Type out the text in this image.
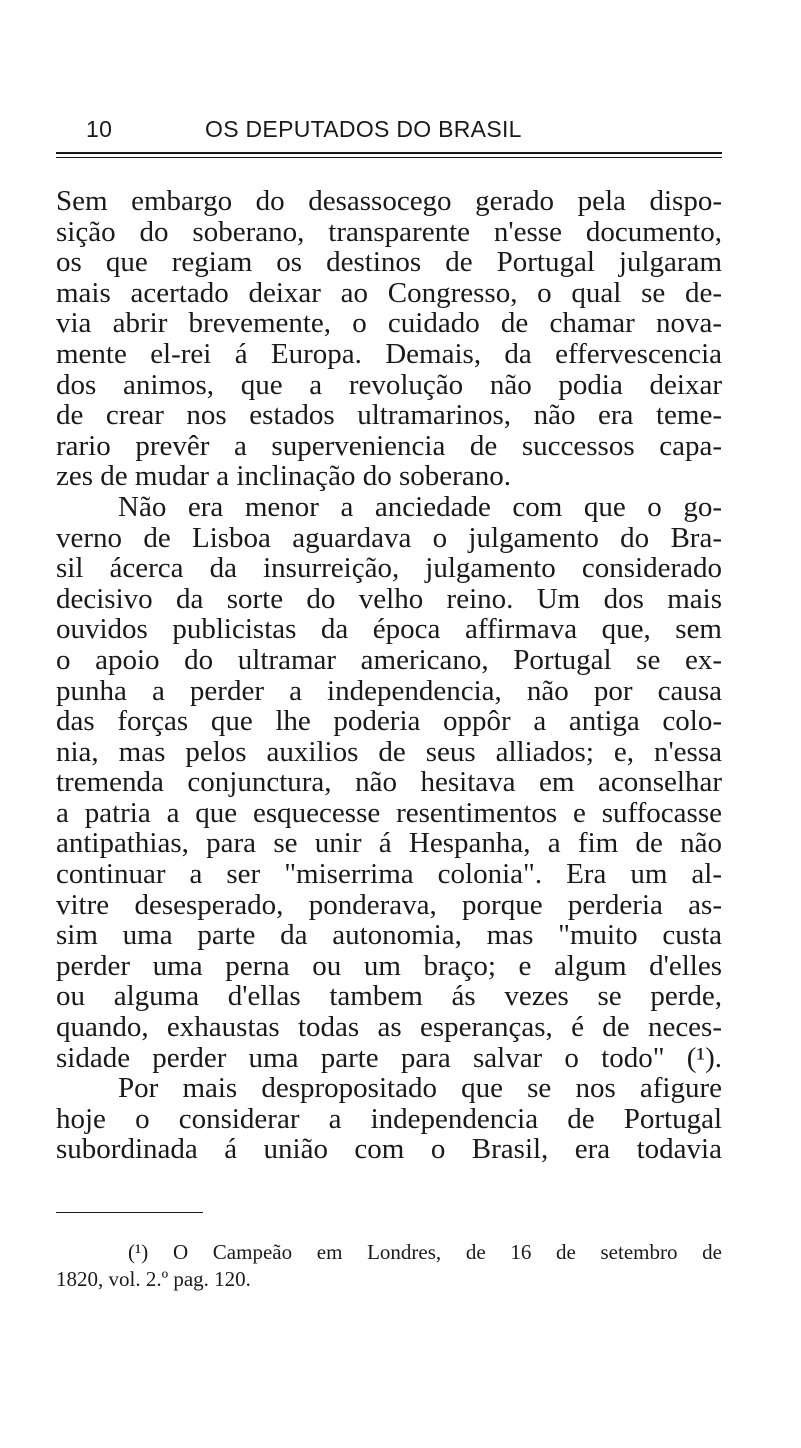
10	OS DEPUTADOS DO BRASIL
Sem embargo do desassocego gerado pela dispo-
sição do soberano, transparente n'esse documento,
os que regiam os destinos de Portugal julgaram
mais acertado deixar ao Congresso, o qual se de-
via abrir brevemente, o cuidado de chamar nova-
mente el-rei á Europa. Demais, da effervescencia
dos animos, que a revolução não podia deixar
de crear nos estados ultramarinos, não era teme-
rario prevêr a superveniencia de successos capa-
zes de mudar a inclinação do soberano.
Não era menor a anciedade com que o go-
verno de Lisboa aguardava o julgamento do Bra-
sil ácerca da insurreição, julgamento considerado
decisivo da sorte do velho reino. Um dos mais
ouvidos publicistas da época affirmava que, sem
o apoio do ultramar americano, Portugal se ex-
punha a perder a independencia, não por causa
das forças que lhe poderia oppôr a antiga colo-
nia, mas pelos auxilios de seus alliados; e, n'essa
tremenda conjunctura, não hesitava em aconselhar
a patria a que esquecesse resentimentos e suffocasse
antipathias, para se unir á Hespanha, a fim de não
continuar a ser "miserrima colonia". Era um al-
vitre desesperado, ponderava, porque perderia as-
sim uma parte da autonomia, mas "muito custa
perder uma perna ou um braço; e algum d'elles
ou alguma d'ellas tambem ás vezes se perde,
quando, exhaustas todas as esperanças, é de neces-
sidade perder uma parte para salvar o todo" (¹).
Por mais despropositado que se nos afigure
hoje o considerar a independencia de Portugal
subordinada á união com o Brasil, era todavia
(¹) O Campeão em Londres, de 16 de setembro de
1820, vol. 2.º pag. 120.
